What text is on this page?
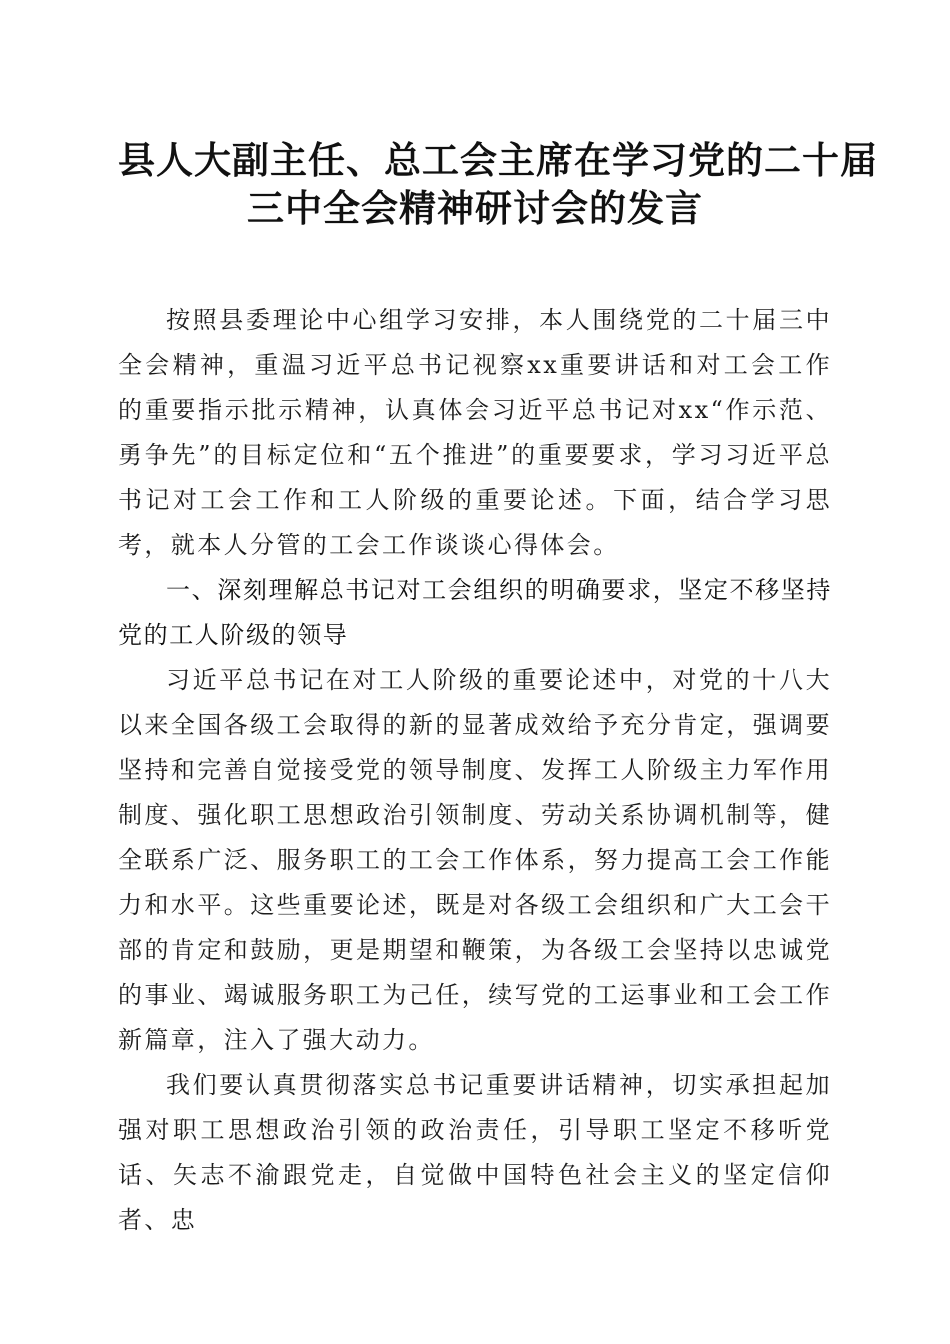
县人大副主任、总工会主席在学习党的二十届
三中全会精神研讨会的发言

按照县委理论中心组学习安排，本人围绕党的二十届三中全会精神，重温习近平总书记视察xx重要讲话和对工会工作的重要指示批示精神，认真体会习近平总书记对xx“作示范、勇争先”的目标定位和“五个推进”的重要要求，学习习近平总书记对工会工作和工人阶级的重要论述。下面，结合学习思考，就本人分管的工会工作谈谈心得体会。

一、深刻理解总书记对工会组织的明确要求，坚定不移坚持党的工人阶级的领导

习近平总书记在对工人阶级的重要论述中，对党的十八大以来全国各级工会取得的新的显著成效给予充分肯定，强调要坚持和完善自觉接受党的领导制度、发挥工人阶级主力军作用制度、强化职工思想政治引领制度、劳动关系协调机制等，健全联系广泛、服务职工的工会工作体系，努力提高工会工作能力和水平。这些重要论述，既是对各级工会组织和广大工会干部的肯定和鼓励，更是期望和鞭策，为各级工会坚持以忠诚党的事业、竭诚服务职工为己任，续写党的工运事业和工会工作新篇章，注入了强大动力。

我们要认真贯彻落实总书记重要讲话精神，切实承担起加强对职工思想政治引领的政治责任，引导职工坚定不移听党话、矢志不渝跟党走，自觉做中国特色社会主义的坚定信仰者、忠
